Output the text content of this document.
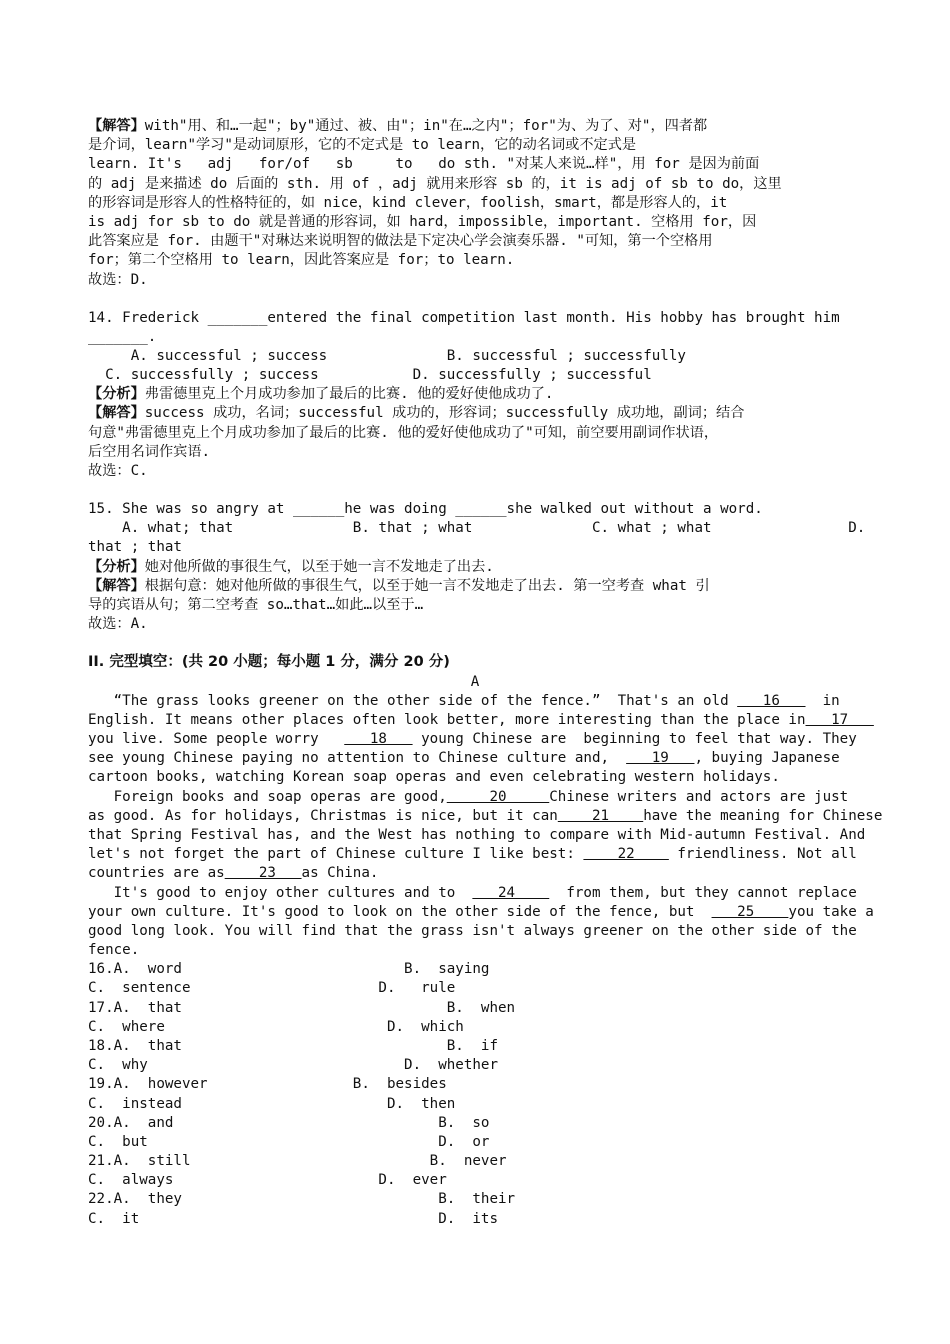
【解答】with"用、和…一起"；by"通过、被、由"；in"在…之内"；for"为、为了、对"，四者都
是介词，learn"学习"是动词原形，它的不定式是 to learn，它的动名词或不定式是
learn. It's   adj   for/of   sb     to   do sth. "对某人来说…样"，用 for 是因为前面
的 adj 是来描述 do 后面的 sth. 用 of ，adj 就用来形容 sb 的，it is adj of sb to do，这里
的形容词是形容人的性格特征的，如 nice，kind clever，foolish，smart，都是形容人的，it
is adj for sb to do 就是普通的形容词，如 hard，impossible，important. 空格用 for，因
此答案应是 for. 由题干"对琳达来说明智的做法是下定决心学会演奏乐器. "可知，第一个空格用
for；第二个空格用 to learn，因此答案应是 for；to learn.
故选：D.
14. Frederick _______entered the final competition last month. His hobby has brought him
_______.
A. successful ; success              B. successful ; successfully
C. successfully ; success           D. successfully ; successful
【分析】弗雷德里克上个月成功参加了最后的比赛. 他的爱好使他成功了.
【解答】success 成功，名词；successful 成功的，形容词；successfully 成功地，副词；结合
句意"弗雷德里克上个月成功参加了最后的比赛. 他的爱好使他成功了"可知，前空要用副词作状语，
后空用名词作宾语.
故选：C.
15. She was so angry at ______he was doing ______she walked out without a word.
A. what; that              B. that ; what              C. what ; what                D.
that ; that
【分析】她对他所做的事很生气，以至于她一言不发地走了出去.
【解答】根据句意：她对他所做的事很生气，以至于她一言不发地走了出去. 第一空考查 what 引
导的宾语从句；第二空考查 so…that…如此…以至于…
故选：A.
II. 完型填空：(共 20 小题；每小题 1 分，满分 20 分)
A
“The grass looks greener on the other side of the fence.”  That's an old    16     in
English. It means other places often look better, more interesting than the place in   17
you live. Some people worry      18    young Chinese are  beginning to feel that way. They
see young Chinese paying no attention to Chinese culture and,     19   , buying Japanese
cartoon books, watching Korean soap operas and even celebrating western holidays.
Foreign books and soap operas are good,     20     Chinese writers and actors are just
as good. As for holidays, Christmas is nice, but it can    21    have the meaning for Chinese
that Spring Festival has, and the West has nothing to compare with Mid-autumn Festival. And
let's not forget the part of Chinese culture I like best:     22     friendliness. Not all
countries are as    23   as China.
It's good to enjoy other cultures and to     24      from them, but they cannot replace
your own culture. It's good to look on the other side of the fence, but     25    you take a
good long look. You will find that the grass isn't always greener on the other side of the
fence.
16.A.  word                          B.  saying
C.  sentence                      D.   rule
17.A.  that                               B.  when
C.  where                          D.  which
18.A.  that                               B.  if
C.  why                              D.  whether
19.A.  however                 B.  besides
C.  instead                        D.  then
20.A.  and                               B.  so
C.  but                                  D.  or
21.A.  still                            B.  never
C.  always                        D.  ever
22.A.  they                              B.  their
C.  it                                   D.  its
